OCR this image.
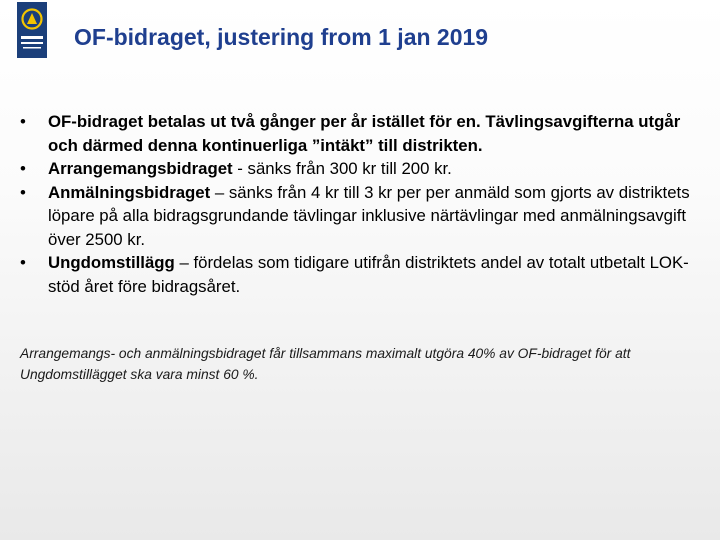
OF-bidraget, justering from 1 jan 2019
• OF-bidraget betalas ut två gånger per år istället för en. Tävlingsavgifterna utgår och därmed denna kontinuerliga ”intäkt” till distrikten.
• Arrangemangsbidraget - sänks från 300 kr till 200 kr.
• Anmälningsbidraget – sänks från 4 kr till 3 kr per per anmäld som gjorts av distriktets löpare på alla bidragsgrundande tävlingar inklusive närtävlingar med anmälningsavgift över 2500 kr.
• Ungdomstillägg – fördelas som tidigare utifrån distriktets andel av totalt utbetalt LOK-stöd året före bidragsåret.
Arrangemangs- och anmälningsbidraget får tillsammans maximalt utgöra 40% av OF-bidraget för att Ungdomstillägget ska vara minst 60 %.
